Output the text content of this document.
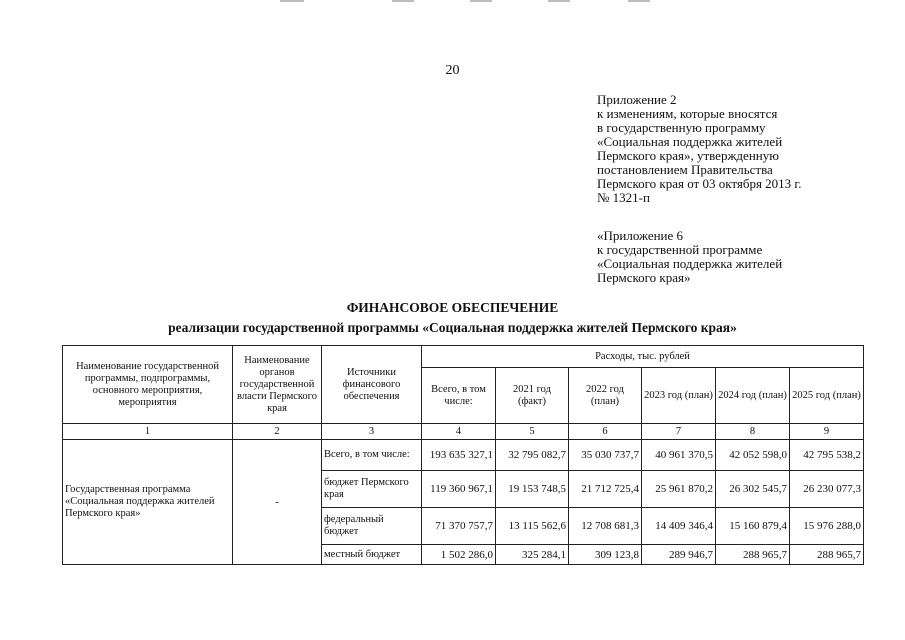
20
Приложение 2
к изменениям, которые вносятся
в государственную программу
«Социальная поддержка жителей
Пермского края», утвержденную
постановлением Правительства
Пермского края от 03 октября 2013 г.
№ 1321-п
«Приложение 6
к государственной программе
«Социальная поддержка жителей
Пермского края»
ФИНАНСОВОЕ ОБЕСПЕЧЕНИЕ
реализации государственной программы «Социальная поддержка жителей Пермского края»
Наименование государственной программы, подпрограммы, основного мероприятия, мероприятия	Наименование органов государственной власти Пермского края	Источники финансового обеспечения	Расходы, тыс. рублей					
			Всего, в том числе:	2021 год (факт)	2022 год (план)	2023 год (план)	2024 год (план)	2025 год (план)
1	2	3	4	5	6	7	8	9
Государственная программа «Социальная поддержка жителей Пермского края»	-	Всего, в том числе:	193 635 327,1	32 795 082,7	35 030 737,7	40 961 370,5	42 052 598,0	42 795 538,2
		бюджет Пермского края	119 360 967,1	19 153 748,5	21 712 725,4	25 961 870,2	26 302 545,7	26 230 077,3
		федеральный бюджет	71 370 757,7	13 115 562,6	12 708 681,3	14 409 346,4	15 160 879,4	15 976 288,0
		местный бюджет	1 502 286,0	325 284,1	309 123,8	289 946,7	288 965,7	288 965,7
